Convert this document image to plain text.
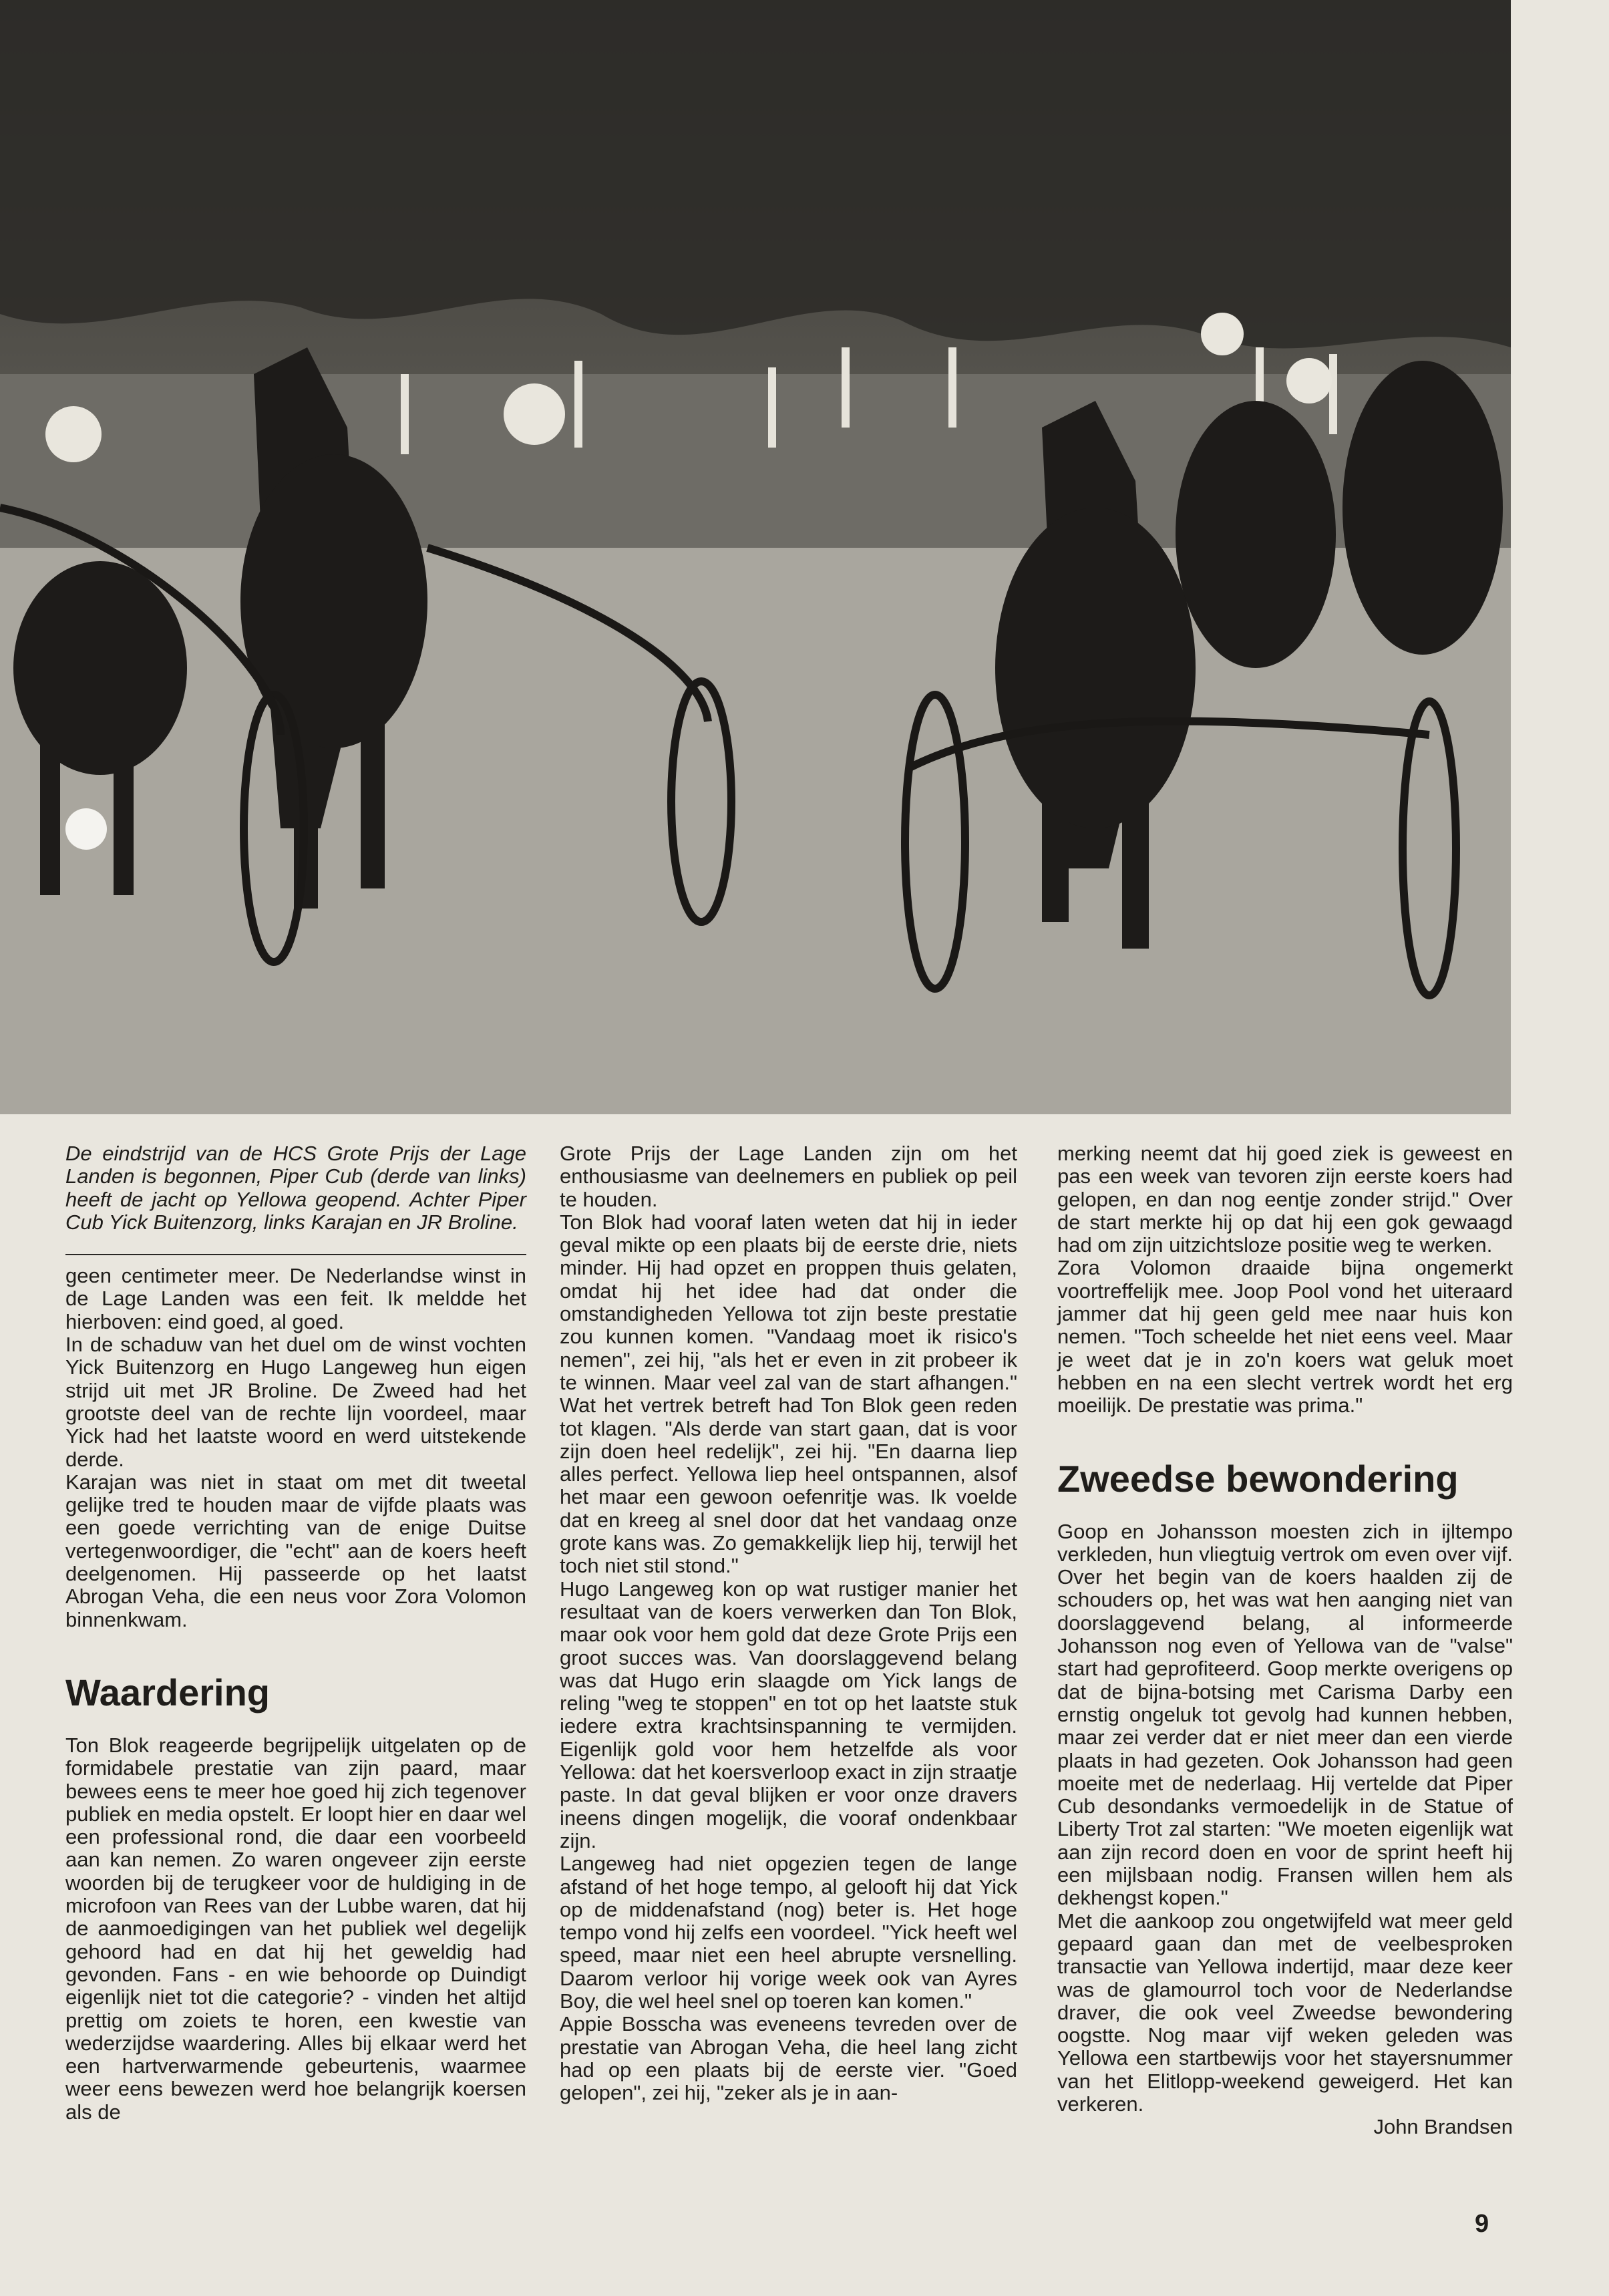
De eindstrijd van de HCS Grote Prijs der Lage Landen is begonnen, Piper Cub (derde van links) heeft de jacht op Yellowa geopend. Achter Piper Cub Yick Buitenzorg, links Karajan en JR Broline.

geen centimeter meer. De Nederlandse winst in de Lage Landen was een feit. Ik meldde het hierboven: eind goed, al goed.

In de schaduw van het duel om de winst vochten Yick Buitenzorg en Hugo Langeweg hun eigen strijd uit met JR Broline. De Zweed had het grootste deel van de rechte lijn voordeel, maar Yick had het laatste woord en werd uitstekende derde.

Karajan was niet in staat om met dit tweetal gelijke tred te houden maar de vijfde plaats was een goede verrichting van de enige Duitse vertegenwoordiger, die "echt" aan de koers heeft deelgenomen. Hij passeerde op het laatst Abrogan Veha, die een neus voor Zora Volomon binnenkwam.

Waardering

Ton Blok reageerde begrijpelijk uitgelaten op de formidabele prestatie van zijn paard, maar bewees eens te meer hoe goed hij zich tegenover publiek en media opstelt. Er loopt hier en daar wel een professional rond, die daar een voorbeeld aan kan nemen. Zo waren ongeveer zijn eerste woorden bij de terugkeer voor de huldiging in de microfoon van Rees van der Lubbe waren, dat hij de aanmoedigingen van het publiek wel degelijk gehoord had en dat hij het geweldig had gevonden. Fans - en wie behoorde op Duindigt eigenlijk niet tot die categorie? - vinden het altijd prettig om zoiets te horen, een kwestie van wederzijdse waardering. Alles bij elkaar werd het een hartverwarmende gebeurtenis, waarmee weer eens bewezen werd hoe belangrijk koersen als de

Grote Prijs der Lage Landen zijn om het enthousiasme van deelnemers en publiek op peil te houden.

Ton Blok had vooraf laten weten dat hij in ieder geval mikte op een plaats bij de eerste drie, niets minder. Hij had opzet en proppen thuis gelaten, omdat hij het idee had dat onder die omstandigheden Yellowa tot zijn beste prestatie zou kunnen komen. "Vandaag moet ik risico's nemen", zei hij, "als het er even in zit probeer ik te winnen. Maar veel zal van de start afhangen." Wat het vertrek betreft had Ton Blok geen reden tot klagen. "Als derde van start gaan, dat is voor zijn doen heel redelijk", zei hij. "En daarna liep alles perfect. Yellowa liep heel ontspannen, alsof het maar een gewoon oefenritje was. Ik voelde dat en kreeg al snel door dat het vandaag onze grote kans was. Zo gemakkelijk liep hij, terwijl het toch niet stil stond."

Hugo Langeweg kon op wat rustiger manier het resultaat van de koers verwerken dan Ton Blok, maar ook voor hem gold dat deze Grote Prijs een groot succes was. Van doorslaggevend belang was dat Hugo erin slaagde om Yick langs de reling "weg te stoppen" en tot op het laatste stuk iedere extra krachtsinspanning te vermijden. Eigenlijk gold voor hem hetzelfde als voor Yellowa: dat het koersverloop exact in zijn straatje paste. In dat geval blijken er voor onze dravers ineens dingen mogelijk, die vooraf ondenkbaar zijn.

Langeweg had niet opgezien tegen de lange afstand of het hoge tempo, al gelooft hij dat Yick op de middenafstand (nog) beter is. Het hoge tempo vond hij zelfs een voordeel. "Yick heeft wel speed, maar niet een heel abrupte versnelling. Daarom verloor hij vorige week ook van Ayres Boy, die wel heel snel op toeren kan komen."

Appie Bosscha was eveneens tevreden over de prestatie van Abrogan Veha, die heel lang zicht had op een plaats bij de eerste vier. "Goed gelopen", zei hij, "zeker als je in aan-

merking neemt dat hij goed ziek is geweest en pas een week van tevoren zijn eerste koers had gelopen, en dan nog eentje zonder strijd." Over de start merkte hij op dat hij een gok gewaagd had om zijn uitzichtsloze positie weg te werken.

Zora Volomon draaide bijna ongemerkt voortreffelijk mee. Joop Pool vond het uiteraard jammer dat hij geen geld mee naar huis kon nemen. "Toch scheelde het niet eens veel. Maar je weet dat je in zo'n koers wat geluk moet hebben en na een slecht vertrek wordt het erg moeilijk. De prestatie was prima."

Zweedse bewondering

Goop en Johansson moesten zich in ijltempo verkleden, hun vliegtuig vertrok om even over vijf. Over het begin van de koers haalden zij de schouders op, het was wat hen aanging niet van doorslaggevend belang, al informeerde Johansson nog even of Yellowa van de "valse" start had geprofiteerd. Goop merkte overigens op dat de bijna-botsing met Carisma Darby een ernstig ongeluk tot gevolg had kunnen hebben, maar zei verder dat er niet meer dan een vierde plaats in had gezeten. Ook Johansson had geen moeite met de nederlaag. Hij vertelde dat Piper Cub desondanks vermoedelijk in de Statue of Liberty Trot zal starten: "We moeten eigenlijk wat aan zijn record doen en voor de sprint heeft hij een mijlsbaan nodig. Fransen willen hem als dekhengst kopen."

Met die aankoop zou ongetwijfeld wat meer geld gepaard gaan dan met de veelbesproken transactie van Yellowa indertijd, maar deze keer was de glamourrol toch voor de Nederlandse draver, die ook veel Zweedse bewondering oogstte. Nog maar vijf weken geleden was Yellowa een startbewijs voor het stayersnummer van het Elitlopp-weekend geweigerd. Het kan verkeren.

John Brandsen

9
